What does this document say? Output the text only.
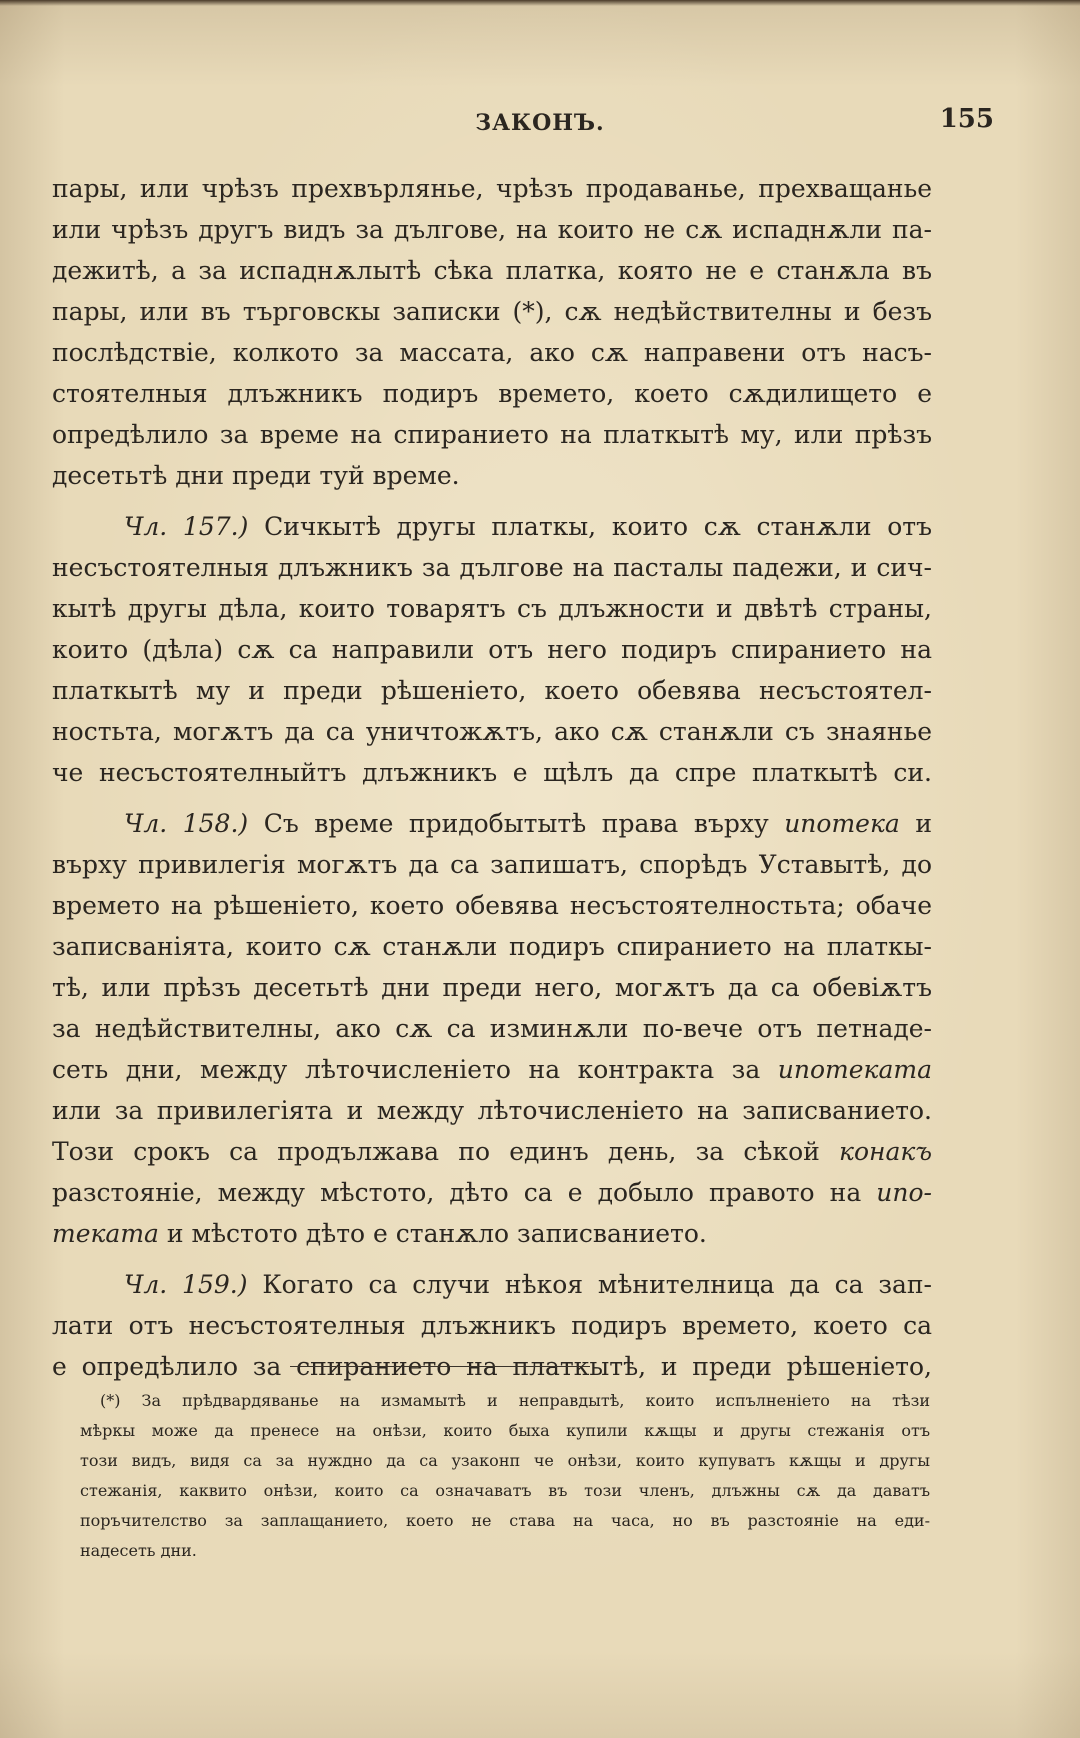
ЗАКОНЪ.	155
пары, или чрѣзъ прехвърлянье, чрѣзъ продаванье, прехващанье
или чрѣзъ другъ видъ за дългове, на които не сѫ испаднѫли па-
дежитѣ, а за испаднѫлытѣ сѣка платка, която не е станѫла въ
пары, или въ търговскы записки (*), сѫ недѣйствителны и безъ
послѣдствіе, колкото за массата, ако сѫ направени отъ насъ-
стоятелныя длъжникъ подиръ времето, което сѫдилището е
опредѣлило за време на спиранието на платкытѣ му, или прѣзъ
десетьтѣ дни преди туй време.
Чл. 157.) Сичкытѣ другы платкы, които сѫ станѫли отъ
несъстоятелныя длъжникъ за дългове на пасталы падежи, и сич-
кытѣ другы дѣла, които товарятъ съ длъжности и двѣтѣ страны,
които (дѣла) сѫ са направили отъ него подиръ спиранието на
платкытѣ му и преди рѣшеніето, което обевява несъстоятел-
ностьта, могѫтъ да са уничтожѫтъ, ако сѫ станѫли съ знаянье
че несъстоятелныйтъ длъжникъ е щѣлъ да спре платкытѣ си.
Чл. 158.) Съ време придобытытѣ права върху ипотека и
върху привилегія могѫтъ да са запишатъ, спорѣдъ Уставытѣ, до
времето на рѣшеніето, което обевява несъстоятелностьта; обаче
записванiята, които сѫ станѫли подиръ спиранието на платкы-
тѣ, или прѣзъ десетьтѣ дни преди него, могѫтъ да са обевіѫтъ
за недѣйствителны, ако сѫ са изминѫли по-вече отъ петнаде-
сеть дни, между лѣточисленіето на контракта за ипотеката
или за привилегіята и между лѣточисленіето на записванието.
Този срокъ са продължава по единъ день, за сѣкой конакъ
разстояніе, между мѣстото, дѣто са е добыло правото на ипо-
теката и мѣстото дѣто е станѫло записванието.
Чл. 159.) Когато са случи нѣкоя мѣнителница да са зап-
лати отъ несъстоятелныя длъжникъ подиръ времето, което са
е опредѣлило за спиранието на платкытѣ, и преди рѣшеніето,
(*) За прѣдвардяванье на измамытѣ и неправдытѣ, които испълненіето на тѣзи
мѣркы може да пренесе на онѣзи, които быха купили кѫщы и другы стежанія отъ
този видъ, видя са за нуждно да са узаконп че онѣзи, които купуватъ кѫщы и другы
стежанія, каквито онѣзи, които са означаватъ въ този членъ, длъжны сѫ да даватъ
поръчителство за заплащанието, което не става на часа, но въ разстояніе на еди-
надесеть дни.
